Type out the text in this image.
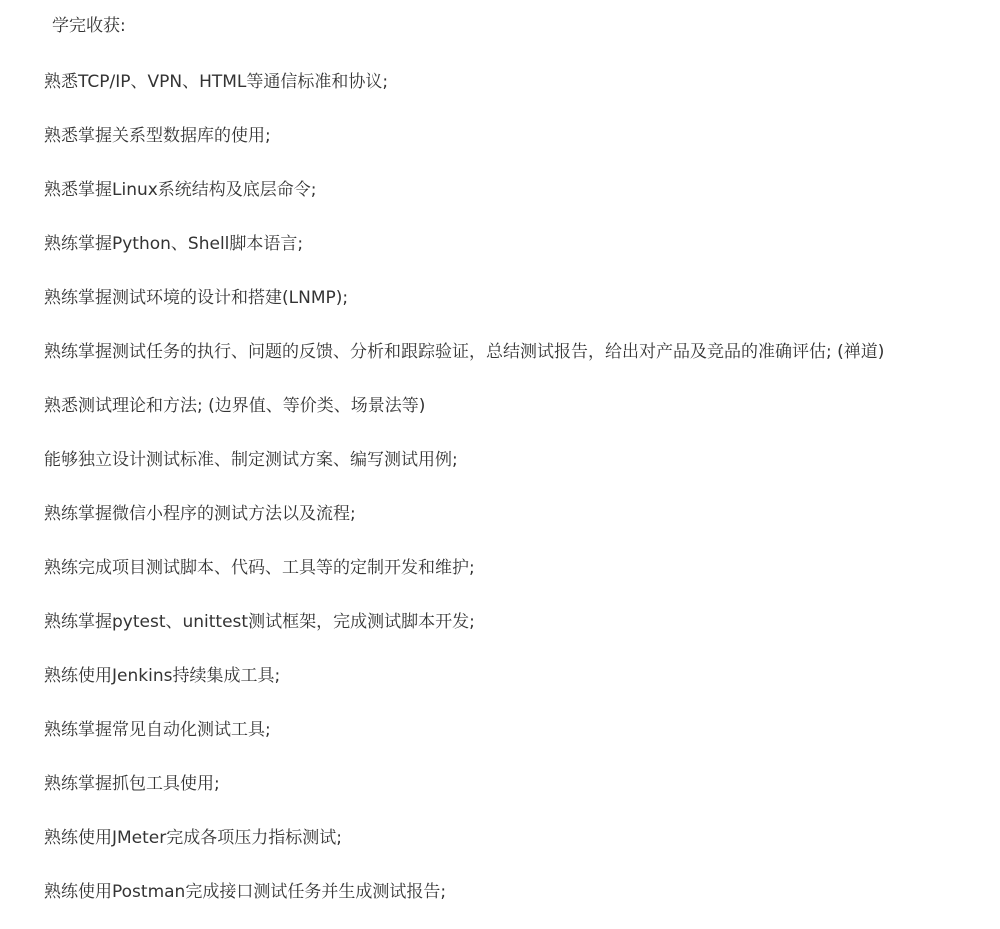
学完收获:
熟悉TCP/IP、VPN、HTML等通信标准和协议;
熟悉掌握关系型数据库的使用;
熟悉掌握Linux系统结构及底层命令;
熟练掌握Python、Shell脚本语言;
熟练掌握测试环境的设计和搭建(LNMP);
熟练掌握测试任务的执行、问题的反馈、分析和跟踪验证，总结测试报告，给出对产品及竞品的准确评估; (禅道)
熟悉测试理论和方法; (边界值、等价类、场景法等)
能够独立设计测试标准、制定测试方案、编写测试用例;
熟练掌握微信小程序的测试方法以及流程;
熟练完成项目测试脚本、代码、工具等的定制开发和维护;
熟练掌握pytest、unittest测试框架，完成测试脚本开发;
熟练使用Jenkins持续集成工具;
熟练掌握常见自动化测试工具;
熟练掌握抓包工具使用;
熟练使用JMeter完成各项压力指标测试;
熟练使用Postman完成接口测试任务并生成测试报告;
